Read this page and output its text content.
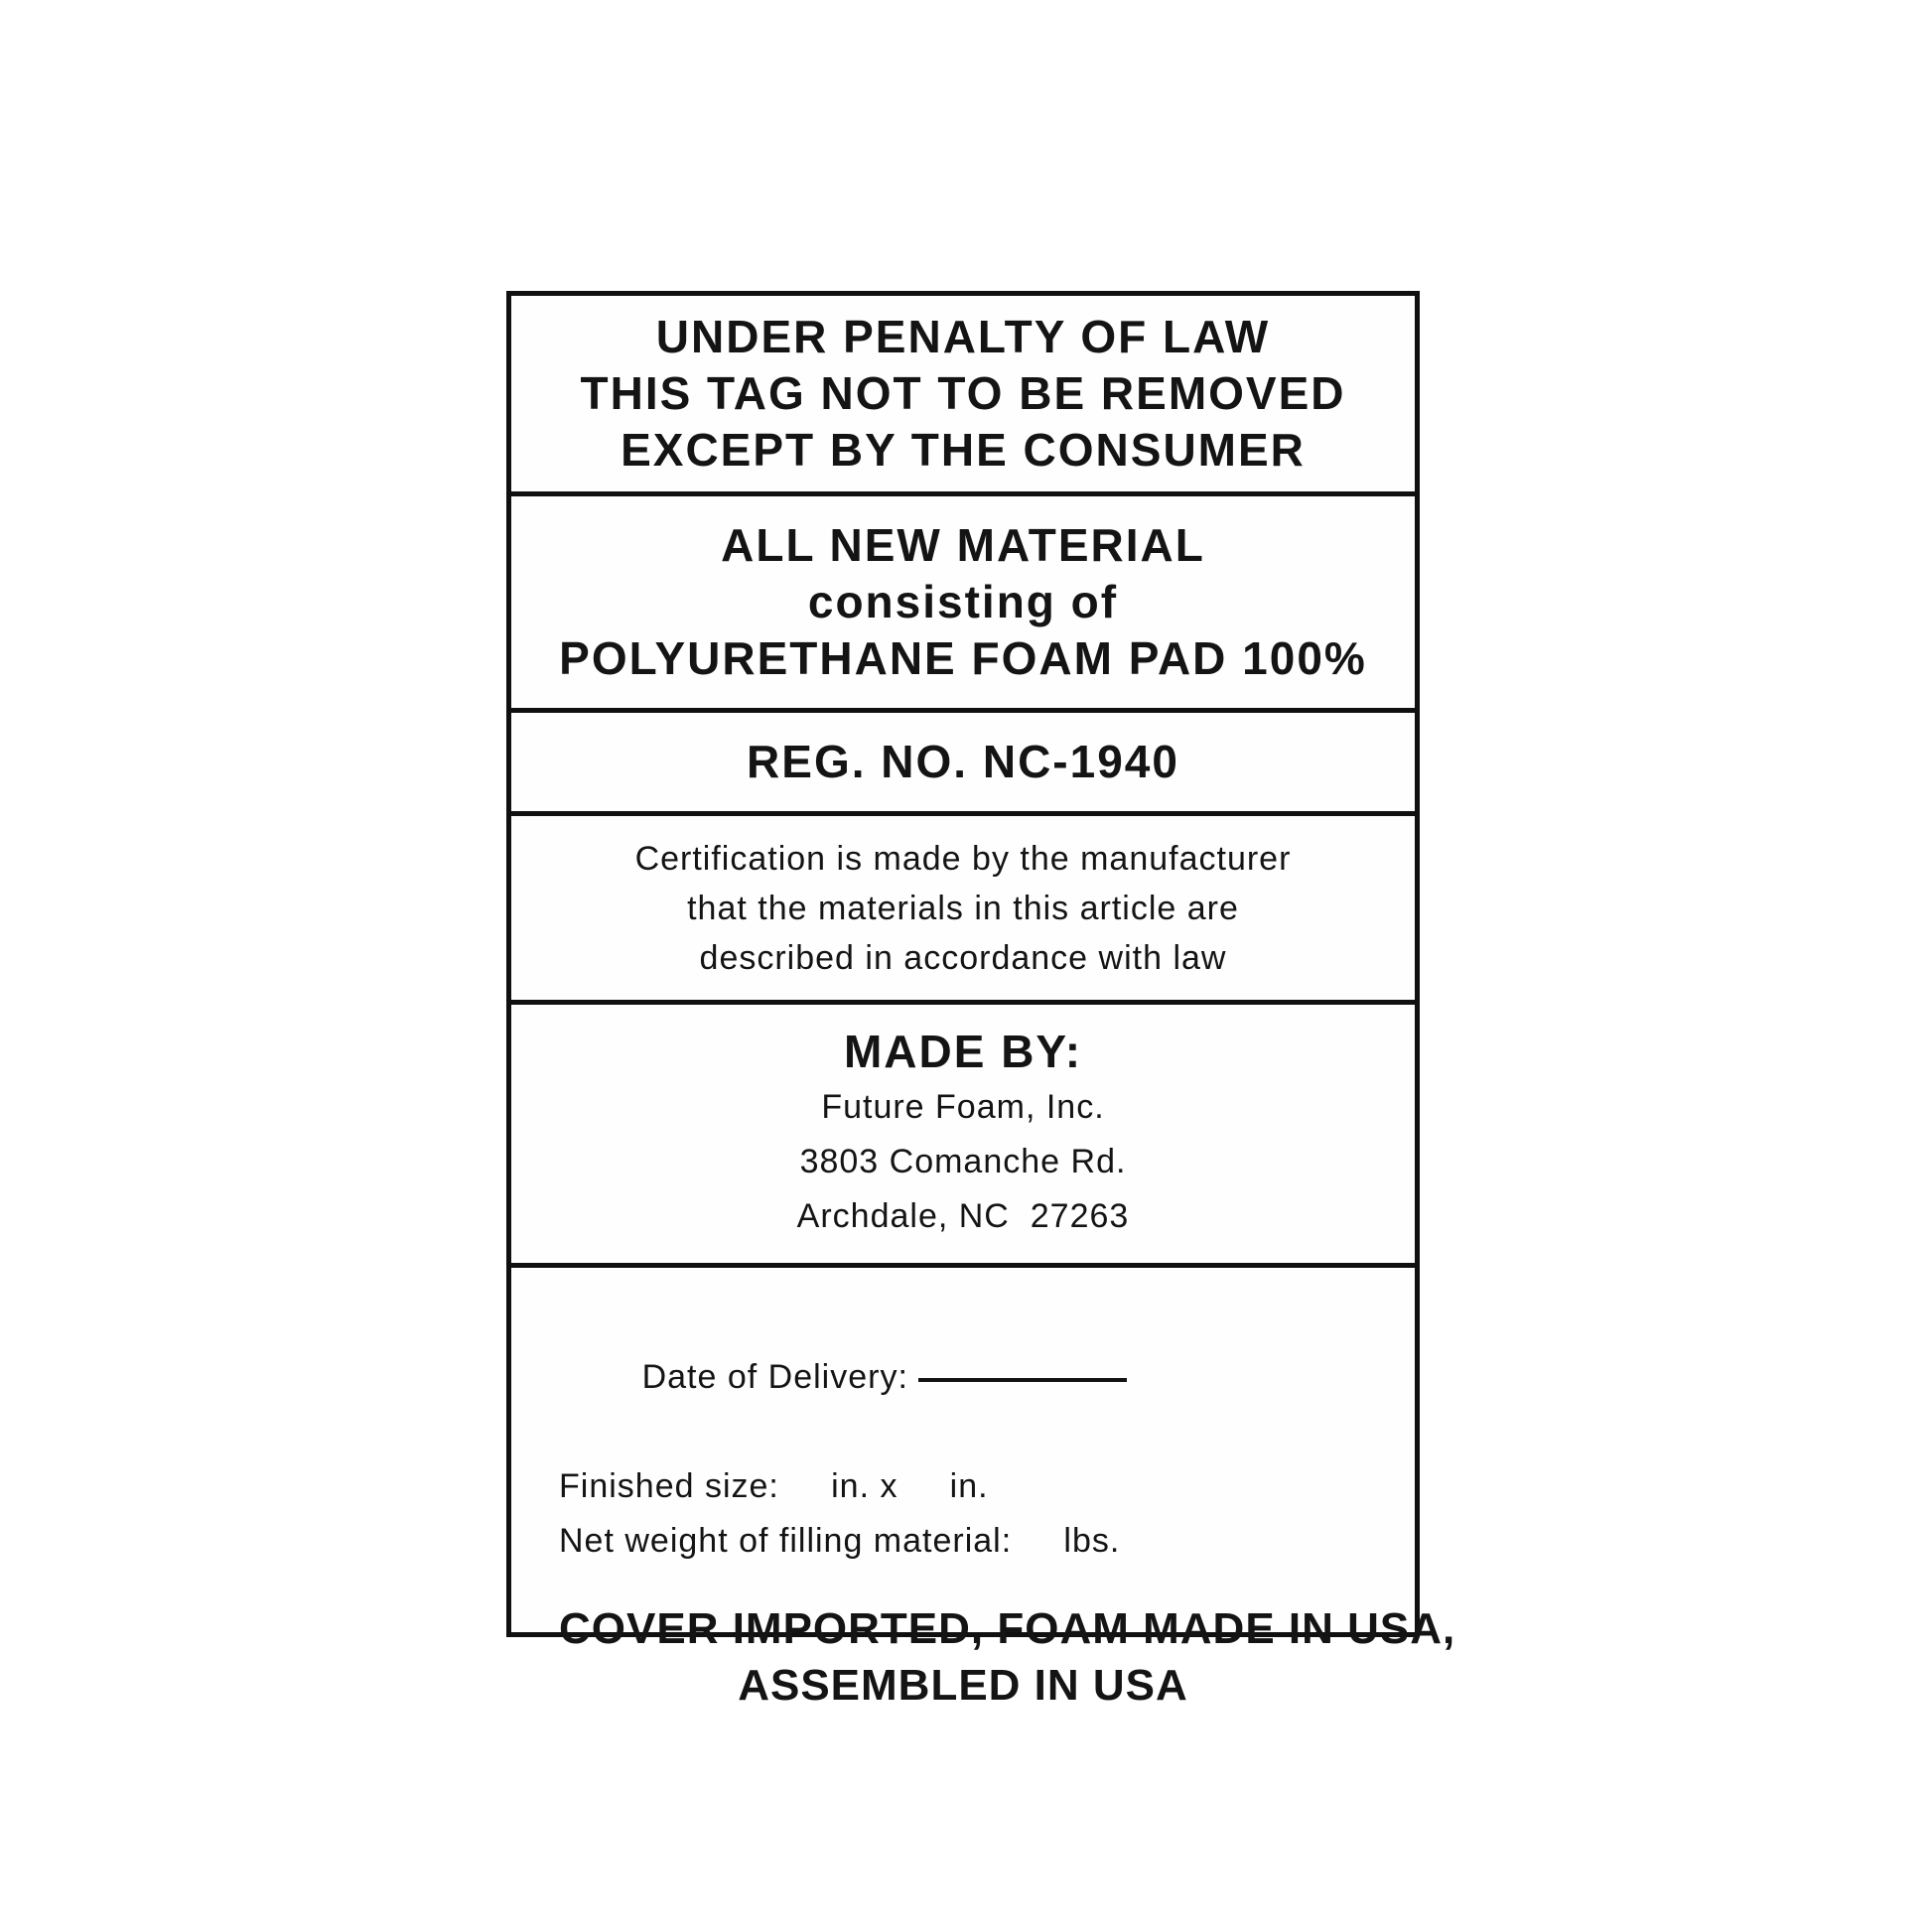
UNDER PENALTY OF LAW
THIS TAG NOT TO BE REMOVED
EXCEPT BY THE CONSUMER
ALL NEW MATERIAL
consisting of
POLYURETHANE FOAM PAD 100%
REG. NO. NC-1940
Certification is made by the manufacturer
that the materials in this article are
described in accordance with law
MADE BY:
Future Foam, Inc.
3803 Comanche Rd.
Archdale, NC  27263

Date of Delivery:

Finished size:     in. x     in.
Net weight of filling material:     lbs.
COVER IMPORTED, FOAM MADE IN USA,
ASSEMBLED IN USA
